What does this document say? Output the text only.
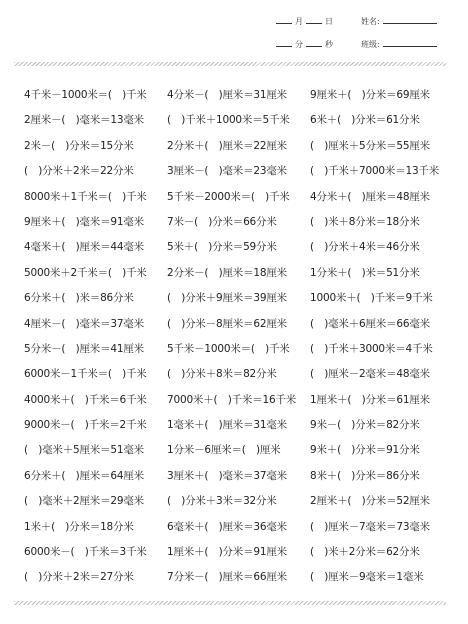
月	日	姓名:
分	秒	班级:
4千米－1000米＝(　)千米 4分米－(　)厘米＝31厘米 9厘米＋(　)分米＝69厘米
2厘米－(　)毫米＝13毫米 (　)千米＋1000米＝5千米 6米＋(　)分米＝61分米
2米－(　)分米＝15分米	2分米＋(　)厘米＝22厘米 (　)厘米＋5分米＝55厘米
(　)分米＋2米＝22分米	3厘米－(　)毫米＝23毫米 (　)千米＋7000米＝13千米
8000米＋1千米＝(　)千米 5千米－2000米＝(　)千米 4分米＋(　)厘米＝48厘米
9厘米＋(　)毫米＝91毫米 7米－(　)分米＝66分米	(　)米＋8分米＝18分米
4毫米＋(　)厘米＝44毫米 5米＋(　)分米＝59分米	(　)分米＋4米＝46分米
5000米＋2千米＝(　)千米 2分米－(　)厘米＝18厘米 1分米＋(　)米＝51分米
6分米＋(　)米＝86分米	(　)分米＋9厘米＝39厘米 1000米＋(　)千米＝9千米
4厘米－(　)毫米＝37毫米 (　)分米－8厘米＝62厘米 (　)毫米＋6厘米＝66毫米
5分米－(　)厘米＝41厘米 5千米－1000米＝(　)千米 (　)千米＋3000米＝4千米
6000米－1千米＝(　)千米 (　)分米＋8米＝82分米	(　)厘米－2毫米＝48毫米
4000米＋(　)千米＝6千米 7000米＋(　)千米＝16千米 1厘米＋(　)分米＝61厘米
9000米－(　)千米＝2千米 1毫米＋(　)厘米＝31毫米 9米－(　)分米＝82分米
(　)毫米＋5厘米＝51毫米 1分米－6厘米＝(　)厘米	9米＋(　)分米＝91分米
6分米＋(　)厘米＝64厘米 3厘米＋(　)毫米＝37毫米 8米＋(　)分米＝86分米
(　)毫米＋2厘米＝29毫米 (　)分米＋3米＝32分米	2厘米＋(　)分米＝52厘米
1米＋(　)分米＝18分米	6毫米＋(　)厘米＝36毫米 (　)厘米－7毫米＝73毫米
6000米－(　)千米＝3千米 1厘米＋(　)分米＝91厘米 (　)米＋2分米＝62分米
(　)分米＋2米＝27分米	7分米－(　)厘米＝66厘米 (　)厘米－9毫米＝1毫米
